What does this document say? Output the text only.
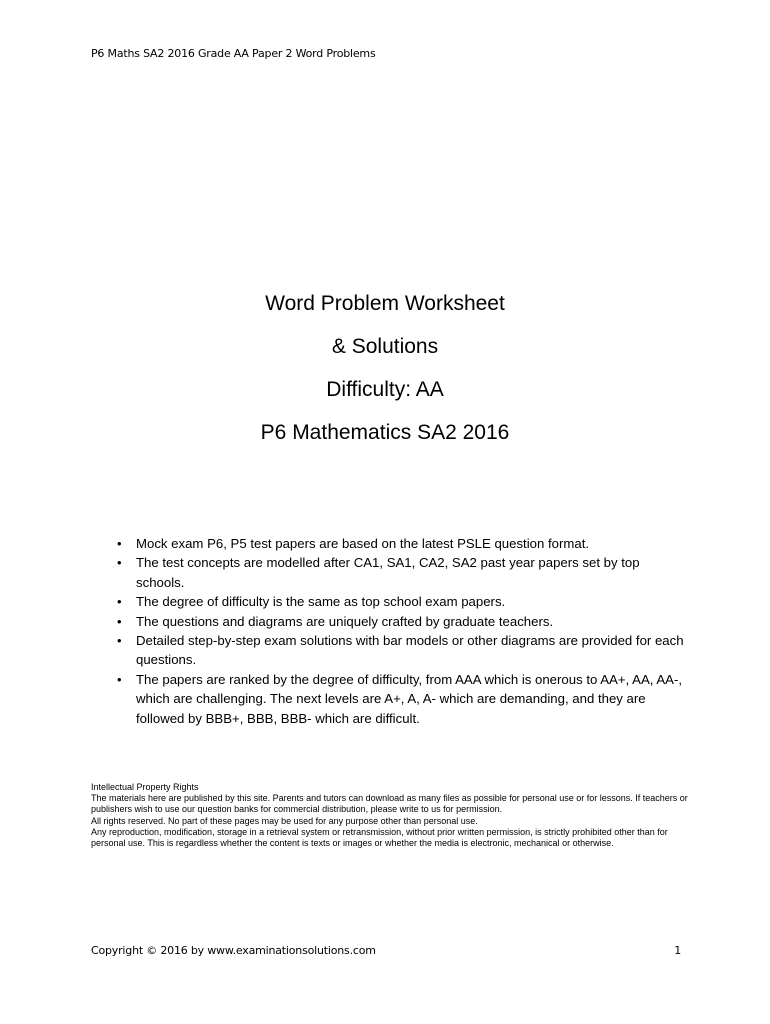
P6 Maths SA2 2016 Grade AA Paper 2 Word Problems
Word Problem Worksheet
& Solutions
Difficulty: AA
P6 Mathematics SA2 2016
• Mock exam P6, P5 test papers are based on the latest PSLE question format.
• The test concepts are modelled after CA1, SA1, CA2, SA2 past year papers set by top schools.
• The degree of difficulty is the same as top school exam papers.
• The questions and diagrams are uniquely crafted by graduate teachers.
• Detailed step-by-step exam solutions with bar models or other diagrams are provided for each questions.
• The papers are ranked by the degree of difficulty, from AAA which is onerous to AA+, AA, AA-, which are challenging. The next levels are A+, A, A- which are demanding, and they are followed by BBB+, BBB, BBB- which are difficult.

Intellectual Property Rights

The materials here are published by this site. Parents and tutors can download as many files as possible for personal use or for lessons. If teachers or publishers wish to use our question banks for commercial distribution, please write to us for permission.

All rights reserved. No part of these pages may be used for any purpose other than personal use.

Any reproduction, modification, storage in a retrieval system or retransmission, without prior written permission, is strictly prohibited other than for personal use. This is regardless whether the content is texts or images or whether the media is electronic, mechanical or otherwise.

Copyright © 2016 by www.examinationsolutions.com	1
